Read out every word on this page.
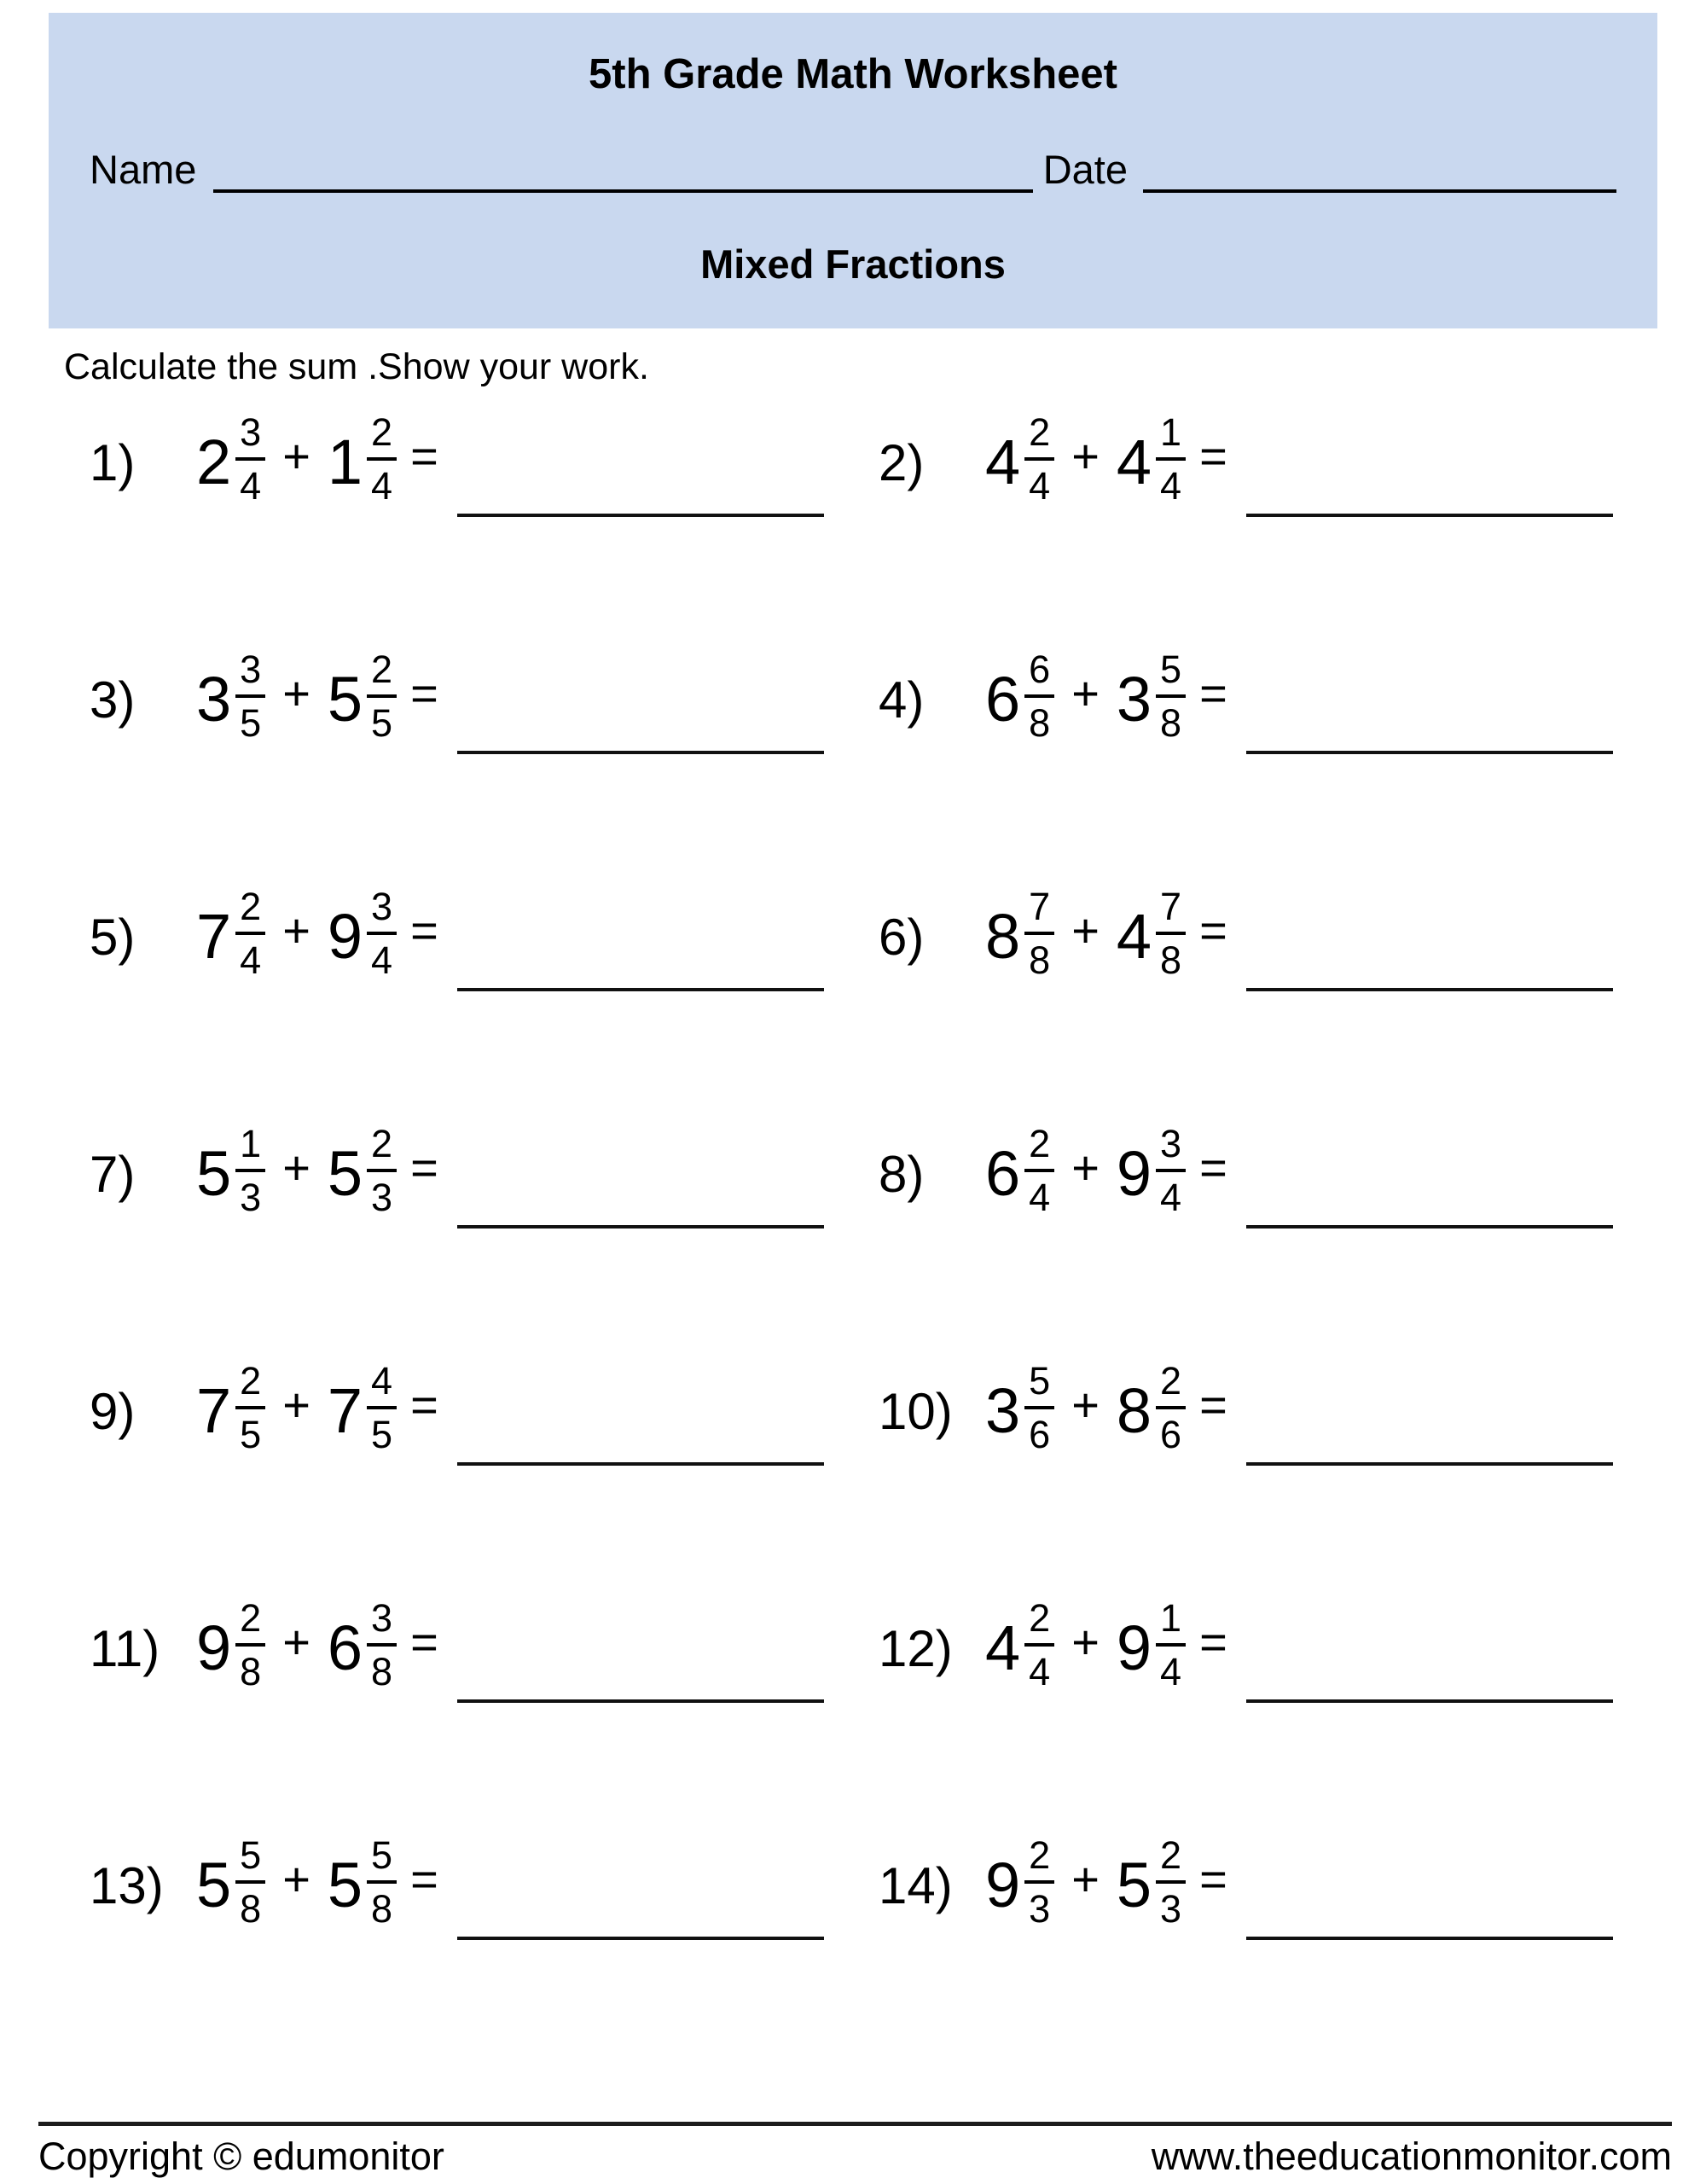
5th Grade Math Worksheet
Name	Date
Mixed Fractions
Calculate the sum .Show your work.
1) $2 \frac{3}{4} + 1 \frac{2}{4}$ =	2) $4 \frac{2}{4} + 4 \frac{1}{4}$ =
3) $3 \frac{3}{5} + 5 \frac{2}{5}$ =	4) $6 \frac{6}{8} + 3 \frac{5}{8}$ =
5) $7 \frac{2}{4} + 9 \frac{3}{4}$ =	6) $8 \frac{7}{8} + 4 \frac{7}{8}$ =
7) $5 \frac{1}{3} + 5 \frac{2}{3}$ =	8) $6 \frac{2}{4} + 9 \frac{3}{4}$ =
9) $7 \frac{2}{5} + 7 \frac{4}{5}$ =	10) $3 \frac{5}{6} + 8 \frac{2}{6}$ =
11) $9 \frac{2}{8} + 6 \frac{3}{8}$ =	12) $4 \frac{2}{4} + 9 \frac{1}{4}$ =
13) $5 \frac{5}{8} + 5 \frac{5}{8}$ =	14) $9 \frac{2}{3} + 5 \frac{2}{3}$ =
Copyright © edumonitor	www.theeducationmonitor.com
